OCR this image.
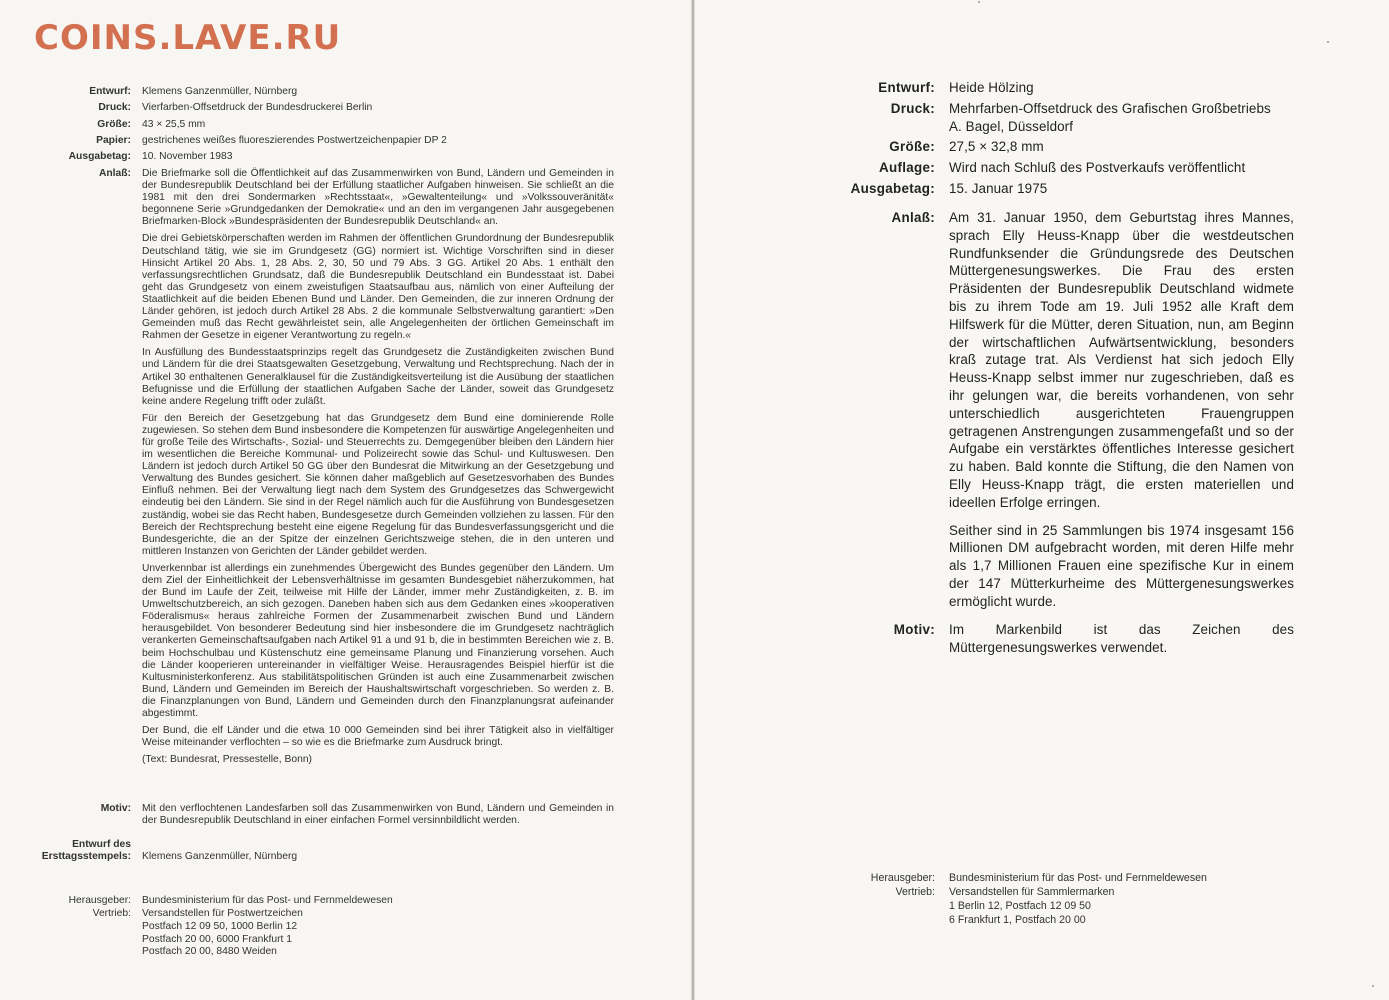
COINS.LAVE.RU
Entwurf: Klemens Ganzenmüller, Nürnberg
Druck: Vierfarben-Offsetdruck der Bundesdruckerei Berlin
Größe: 43 × 25,5 mm
Papier: gestrichenes weißes fluoreszierendes Postwertzeichenpapier DP 2
Ausgabetag: 10. November 1983
Anlaß: Die Briefmarke soll die Öffentlichkeit auf das Zusammenwirken von Bund, Ländern und Gemeinden in der Bundesrepublik Deutschland bei der Erfüllung staatlicher Aufgaben hinweisen. Sie schließt an die 1981 mit den drei Sondermarken »Rechtsstaat«, »Gewaltenteilung« und »Volkssouveränität« begonnene Serie »Grundgedanken der Demokratie« und an den im vergangenen Jahr ausgegebenen Briefmarken-Block »Bundespräsidenten der Bundesrepublik Deutschland« an.

Die drei Gebietskörperschaften werden im Rahmen der öffentlichen Grundordnung der Bundesrepublik Deutschland tätig, wie sie im Grundgesetz (GG) normiert ist. Wichtige Vorschriften sind in dieser Hinsicht Artikel 20 Abs. 1, 28 Abs. 2, 30, 50 und 79 Abs. 3 GG. Artikel 20 Abs. 1 enthält den verfassungsrechtlichen Grundsatz, daß die Bundesrepublik Deutschland ein Bundesstaat ist. Dabei geht das Grundgesetz von einem zweistufigen Staatsaufbau aus, nämlich von einer Aufteilung der Staatlichkeit auf die beiden Ebenen Bund und Länder. Den Gemeinden, die zur inneren Ordnung der Länder gehören, ist jedoch durch Artikel 28 Abs. 2 die kommunale Selbstverwaltung garantiert: »Den Gemeinden muß das Recht gewährleistet sein, alle Angelegenheiten der örtlichen Gemeinschaft im Rahmen der Gesetze in eigener Verantwortung zu regeln.«

In Ausfüllung des Bundesstaatsprinzips regelt das Grundgesetz die Zuständigkeiten zwischen Bund und Ländern für die drei Staatsgewalten Gesetzgebung, Verwaltung und Rechtsprechung. Nach der in Artikel 30 enthaltenen Generalklausel für die Zuständigkeitsverteilung ist die Ausübung der staatlichen Befugnisse und die Erfüllung der staatlichen Aufgaben Sache der Länder, soweit das Grundgesetz keine andere Regelung trifft oder zuläßt.

Für den Bereich der Gesetzgebung hat das Grundgesetz dem Bund eine dominierende Rolle zugewiesen. So stehen dem Bund insbesondere die Kompetenzen für auswärtige Angelegenheiten und für große Teile des Wirtschafts-, Sozial- und Steuerrechts zu. Demgegenüber bleiben den Ländern hier im wesentlichen die Bereiche Kommunal- und Polizeirecht sowie das Schul- und Kultuswesen. Den Ländern ist jedoch durch Artikel 50 GG über den Bundesrat die Mitwirkung an der Gesetzgebung und Verwaltung des Bundes gesichert. Sie können daher maßgeblich auf Gesetzesvorhaben des Bundes Einfluß nehmen. Bei der Verwaltung liegt nach dem System des Grundgesetzes das Schwergewicht eindeutig bei den Ländern. Sie sind in der Regel nämlich auch für die Ausführung von Bundesgesetzen zuständig, wobei sie das Recht haben, Bundesgesetze durch Gemeinden vollziehen zu lassen. Für den Bereich der Rechtsprechung besteht eine eigene Regelung für das Bundesverfassungsgericht und die Bundesgerichte, die an der Spitze der einzelnen Gerichtszweige stehen, die in den unteren und mittleren Instanzen von Gerichten der Länder gebildet werden.

Unverkennbar ist allerdings ein zunehmendes Übergewicht des Bundes gegenüber den Ländern. Um dem Ziel der Einheitlichkeit der Lebensverhältnisse im gesamten Bundesgebiet näherzukommen, hat der Bund im Laufe der Zeit, teilweise mit Hilfe der Länder, immer mehr Zuständigkeiten, z. B. im Umweltschutzbereich, an sich gezogen. Daneben haben sich aus dem Gedanken eines »kooperativen Föderalismus« heraus zahlreiche Formen der Zusammenarbeit zwischen Bund und Ländern herausgebildet. Von besonderer Bedeutung sind hier insbesondere die im Grundgesetz nachträglich verankerten Gemeinschaftsaufgaben nach Artikel 91 a und 91 b, die in bestimmten Bereichen wie z. B. beim Hochschulbau und Küstenschutz eine gemeinsame Planung und Finanzierung vorsehen. Auch die Länder kooperieren untereinander in vielfältiger Weise. Herausragendes Beispiel hierfür ist die Kultusministerkonferenz. Aus stabilitätspolitischen Gründen ist auch eine Zusammenarbeit zwischen Bund, Ländern und Gemeinden im Bereich der Haushaltswirtschaft vorgeschrieben. So werden z. B. die Finanzplanungen von Bund, Ländern und Gemeinden durch den Finanzplanungsrat aufeinander abgestimmt.

Der Bund, die elf Länder und die etwa 10 000 Gemeinden sind bei ihrer Tätigkeit also in vielfältiger Weise miteinander verflochten – so wie es die Briefmarke zum Ausdruck bringt.

(Text: Bundesrat, Pressestelle, Bonn)

Motiv: Mit den verflochtenen Landesfarben soll das Zusammenwirken von Bund, Ländern und Gemeinden in der Bundesrepublik Deutschland in einer einfachen Formel versinnbildlicht werden.

Entwurf des
Ersttagsstempels: Klemens Ganzenmüller, Nürnberg
Herausgeber: Bundesministerium für das Post- und Fernmeldewesen
Vertrieb: Versandstellen für Postwertzeichen
Postfach 12 09 50, 1000 Berlin 12
Postfach 20 00, 6000 Frankfurt 1
Postfach 20 00, 8480 Weiden
Entwurf: Heide Hölzing
Druck: Mehrfarben-Offsetdruck des Grafischen Großbetriebs
A. Bagel, Düsseldorf
Größe: 27,5 × 32,8 mm
Auflage: Wird nach Schluß des Postverkaufs veröffentlicht
Ausgabetag: 15. Januar 1975
Anlaß: Am 31. Januar 1950, dem Geburtstag ihres Mannes, sprach Elly Heuss-Knapp über die westdeutschen Rundfunksender die Gründungsrede des Deutschen Müttergenesungswerkes. Die Frau des ersten Präsidenten der Bundesrepublik Deutschland widmete bis zu ihrem Tode am 19. Juli 1952 alle Kraft dem Hilfswerk für die Mütter, deren Situation, nun, am Beginn der wirtschaftlichen Aufwärtsentwicklung, besonders kraß zutage trat. Als Verdienst hat sich jedoch Elly Heuss-Knapp selbst immer nur zugeschrieben, daß es ihr gelungen war, die bereits vorhandenen, von sehr unterschiedlich ausgerichteten Frauengruppen getragenen Anstrengungen zusammengefaßt und so der Aufgabe ein verstärktes öffentliches Interesse gesichert zu haben. Bald konnte die Stiftung, die den Namen von Elly Heuss-Knapp trägt, die ersten materiellen und ideellen Erfolge erringen.

Seither sind in 25 Sammlungen bis 1974 insgesamt 156 Millionen DM aufgebracht worden, mit deren Hilfe mehr als 1,7 Millionen Frauen eine spezifische Kur in einem der 147 Mütterkurheime des Müttergenesungswerkes ermöglicht wurde.

Motiv: Im Markenbild ist das Zeichen des Müttergenesungswerkes verwendet.

Herausgeber: Bundesministerium für das Post- und Fernmeldewesen
Vertrieb: Versandstellen für Sammlermarken
1 Berlin 12, Postfach 12 09 50
6 Frankfurt 1, Postfach 20 00
